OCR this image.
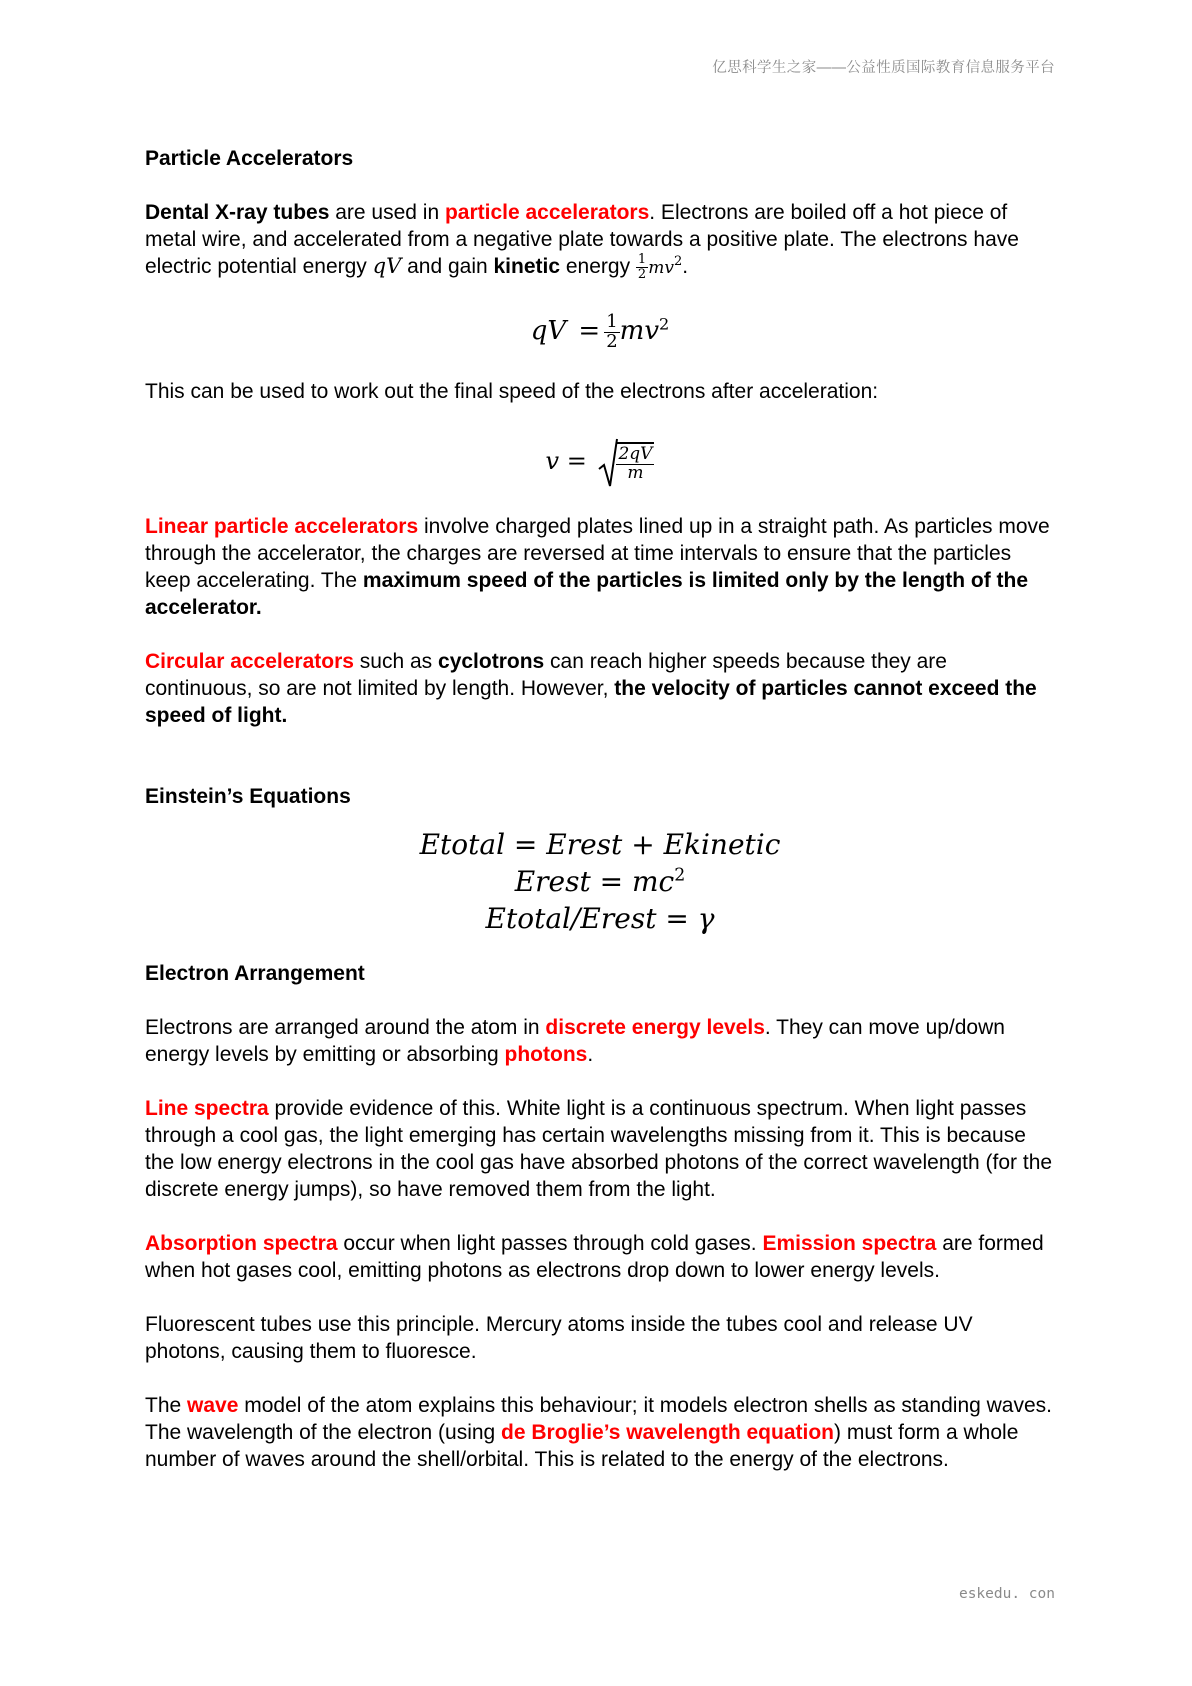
亿思科学生之家——公益性质国际教育信息服务平台
Particle Accelerators

Dental X-ray tubes are used in particle accelerators. Electrons are boiled off a hot piece of metal wire, and accelerated from a negative plate towards a positive plate. The electrons have electric potential energy qV and gain kinetic energy $\frac{1}{2} mv^2$.

qV = $\frac{1}{2} mv^2$

This can be used to work out the final speed of the electrons after acceleration:

$v = \frac{2qV}{m}$

Linear particle accelerators involve charged plates lined up in a straight path. As particles move through the accelerator, the charges are reversed at time intervals to ensure that the particles keep accelerating. The maximum speed of the particles is limited only by the length of the accelerator.

Circular accelerators such as cyclotrons can reach higher speeds because they are continuous, so are not limited by length. However, the velocity of particles cannot exceed the speed of light.

Einstein’s Equations
Etotal = Erest + Ekinetic
Erest = $mc^2$
Etotal/Erest = γ
Electron Arrangement

Electrons are arranged around the atom in discrete energy levels. They can move up/down energy levels by emitting or absorbing photons.

Line spectra provide evidence of this. White light is a continuous spectrum. When light passes through a cool gas, the light emerging has certain wavelengths missing from it. This is because the low energy electrons in the cool gas have absorbed photons of the correct wavelength (for the discrete energy jumps), so have removed them from the light.

Absorption spectra occur when light passes through cold gases. Emission spectra are formed when hot gases cool, emitting photons as electrons drop down to lower energy levels.

Fluorescent tubes use this principle. Mercury atoms inside the tubes cool and release UV photons, causing them to fluoresce.

The wave model of the atom explains this behaviour; it models electron shells as standing waves. The wavelength of the electron (using de Broglie’s wavelength equation) must form a whole number of waves around the shell/orbital. This is related to the energy of the electrons.

eskedu. con
